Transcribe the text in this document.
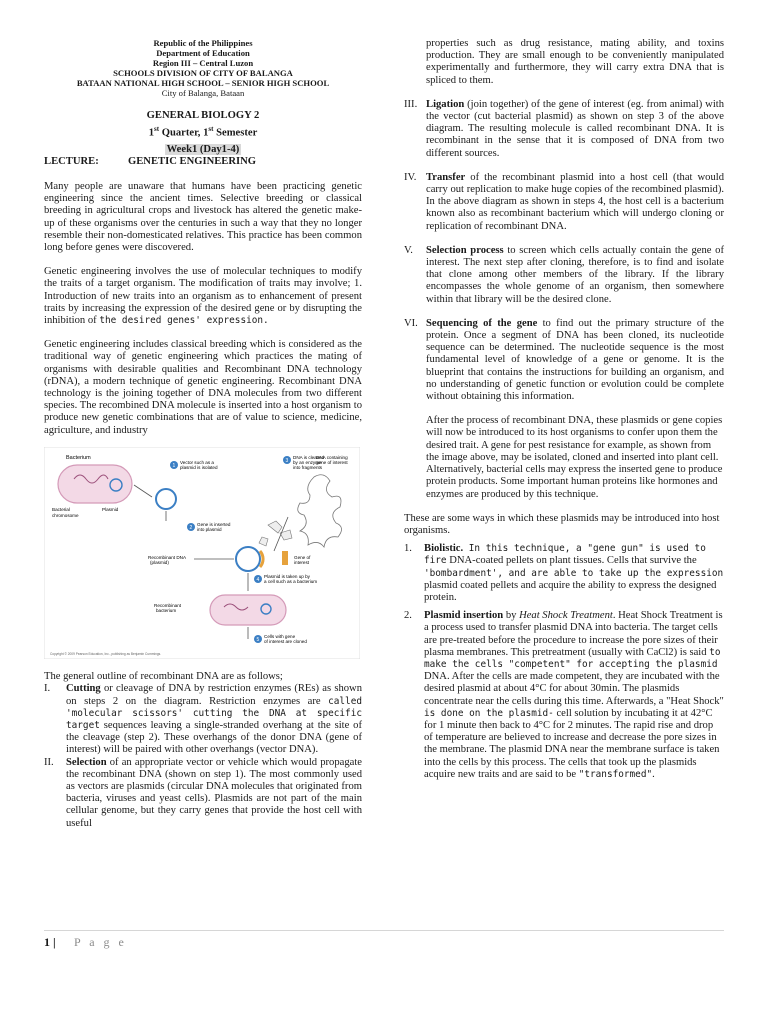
Republic of the Philippines
Department of Education
Region III – Central Luzon
SCHOOLS DIVISION OF CITY OF BALANGA
BATAAN NATIONAL HIGH SCHOOL – SENIOR HIGH SCHOOL
City of Balanga, Bataan
GENERAL BIOLOGY 2
1st Quarter, 1st Semester
Week1 (Day1-4)
LECTURE:	GENETIC ENGINEERING

Many people are unaware that humans have been practicing genetic engineering since the ancient times. Selective breeding or classical breeding in agricultural crops and livestock has altered the genetic make-up of these organisms over the centuries in such a way that they no longer resemble their non-domesticated relatives. This practice has been common long before genes were discovered.

Genetic engineering involves the use of molecular techniques to modify the traits of a target organism. The modification of traits may involve; 1. Introduction of new traits into an organism as to enhancement of present traits by increasing the expression of the desired gene or by disrupting the inhibition of the desired genes' expression.

Genetic engineering includes classical breeding which is considered as the traditional way of genetic engineering which practices the mating of organisms with desirable qualities and Recombinant DNA technology (rDNA), a modern technique of genetic engineering. Recombinant DNA technology is the joining together of DNA molecules from two different species. The recombined DNA molecule is inserted into a host organism to produce new genetic combinations that are of value to science, medicine, agriculture, and industry

Bacterium
Bacterial
chromosome
Plasmid
1
Vector such as a
plasmid is isolated
2
Gene is inserted
into plasmid
3
DNA is cleaved
by an enzyme
into fragments
DNA containing
gene of interest
Gene of
interest
Recombinant DNA
(plasmid)
4
Plasmid is taken up by
a cell such as a bacterium
Recombinant
bacterium
5
Cells with gene
of interest are cloned
Copyright © 2009 Pearson Education, Inc., publishing as Benjamin Cummings.

The general outline of recombinant DNA are as follows;

I. Cutting or cleavage of DNA by restriction enzymes (REs) as shown on steps 2 on the diagram. Restriction enzymes are called 'molecular scissors' cutting the DNA at specific target sequences leaving a single-stranded overhang at the site of the cleavage (step 2). These overhangs of the donor DNA (gene of interest) will be paired with other overhangs (vector DNA).
II. Selection of an appropriate vector or vehicle which would propagate the recombinant DNA (shown on step 1). The most commonly used as vectors are plasmids (circular DNA molecules that originated from bacteria, viruses and yeast cells). Plasmids are not part of the main cellular genome, but they carry genes that provide the host cell with useful

properties such as drug resistance, mating ability, and toxins production. They are small enough to be conveniently manipulated experimentally and furthermore, they will carry extra DNA that is spliced to them.

III. Ligation (join together) of the gene of interest (eg. from animal) with the vector (cut bacterial plasmid) as shown on step 3 of the above diagram. The resulting molecule is called recombinant DNA. It is recombinant in the sense that it is composed of DNA from two different sources.
IV. Transfer of the recombinant plasmid into a host cell (that would carry out replication to make huge copies of the recombined plasmid). In the above diagram as shown in steps 4, the host cell is a bacterium known also as recombinant bacterium which will undergo cloning or replication of recombinant DNA.
V. Selection process to screen which cells actually contain the gene of interest. The next step after cloning, therefore, is to find and isolate that clone among other members of the library. If the library encompasses the whole genome of an organism, then somewhere within that library will be the desired clone.
VI. Sequencing of the gene to find out the primary structure of the protein. Once a segment of DNA has been cloned, its nucleotide sequence can be determined. The nucleotide sequence is the most fundamental level of knowledge of a gene or genome. It is the blueprint that contains the instructions for building an organism, and no understanding of genetic function or evolution could be complete without obtaining this information.

After the process of recombinant DNA, these plasmids or gene copies will now be introduced to its host organisms to confer upon them the desired trait. A gene for pest resistance for example, as shown from the image above, may be isolated, cloned and inserted into plant cell. Alternatively, bacterial cells may express the inserted gene to produce protein products. Some important human proteins like hormones and enzymes are produced by this technique.

These are some ways in which these plasmids may be introduced into host organisms.

1. Biolistic. In this technique, a "gene gun" is used to fire DNA-coated pellets on plant tissues. Cells that survive the 'bombardment', and are able to take up the expression plasmid coated pellets and acquire the ability to express the designed protein.
2. Plasmid insertion by Heat Shock Treatment. Heat Shock Treatment is a process used to transfer plasmid DNA into bacteria. The target cells are pre-treated before the procedure to increase the pore sizes of their plasma membranes. This pretreatment (usually with CaCl2) is said to make the cells "competent" for accepting the plasmid DNA. After the cells are made competent, they are incubated with the desired plasmid at about 4°C for about 30min. The plasmids concentrate near the cells during this time. Afterwards, a "Heat Shock" is done on the plasmid- cell solution by incubating it at 42°C for 1 minute then back to 4°C for 2 minutes. The rapid rise and drop of temperature are believed to increase and decrease the pore sizes in the membrane. The plasmid DNA near the membrane surface is taken into the cells by this process. The cells that took up the plasmids acquire new traits and are said to be "transformed".
1 | P a g e
